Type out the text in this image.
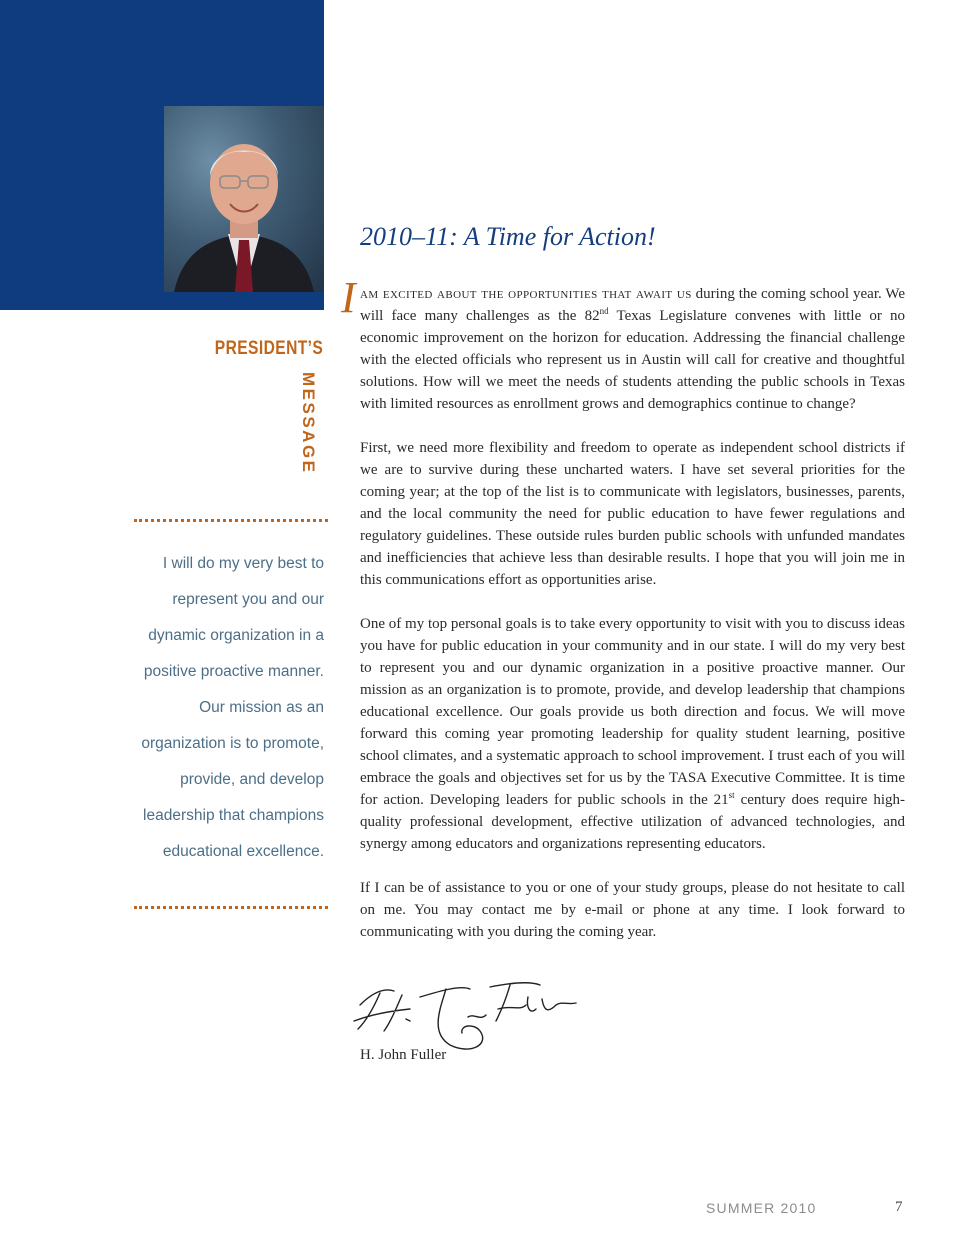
PRESIDENT’S
MESSAGE
I will do my very best to represent you and our dynamic organization in a positive proactive manner. Our mission as an organization is to promote, provide, and develop leadership that champions educational excellence.
2010–11: A Time for Action!
I am excited about the opportunities that await us during the coming school year. We will face many challenges as the 82nd Texas Legislature convenes with little or no economic improvement on the horizon for education. Addressing the financial challenge with the elected officials who represent us in Austin will call for creative and thoughtful solutions. How will we meet the needs of students attending the public schools in Texas with limited resources as enrollment grows and demographics continue to change?

First, we need more flexibility and freedom to operate as independent school districts if we are to survive during these uncharted waters. I have set several priorities for the coming year; at the top of the list is to communicate with legislators, businesses, parents, and the local community the need for public education to have fewer regulations and regulatory guidelines. These outside rules burden public schools with unfunded mandates and inefficiencies that achieve less than desirable results. I hope that you will join me in this communications effort as opportunities arise.

One of my top personal goals is to take every opportunity to visit with you to discuss ideas you have for public education in your community and in our state. I will do my very best to represent you and our dynamic organization in a positive proactive manner. Our mission as an organization is to promote, provide, and develop leadership that champions educational excellence. Our goals provide us both direction and focus. We will move forward this coming year promoting leadership for quality student learning, positive school climates, and a systematic approach to school improvement. I trust each of you will embrace the goals and objectives set for us by the TASA Executive Committee. It is time for action. Developing leaders for public schools in the 21st century does require high-quality professional development, effective utilization of advanced technologies, and synergy among educators and organizations representing educators.

If I can be of assistance to you or one of your study groups, please do not hesitate to call on me. You may contact me by e-mail or phone at any time. I look forward to communicating with you during the coming year.

H. John Fuller
SUMMER 2010	7
